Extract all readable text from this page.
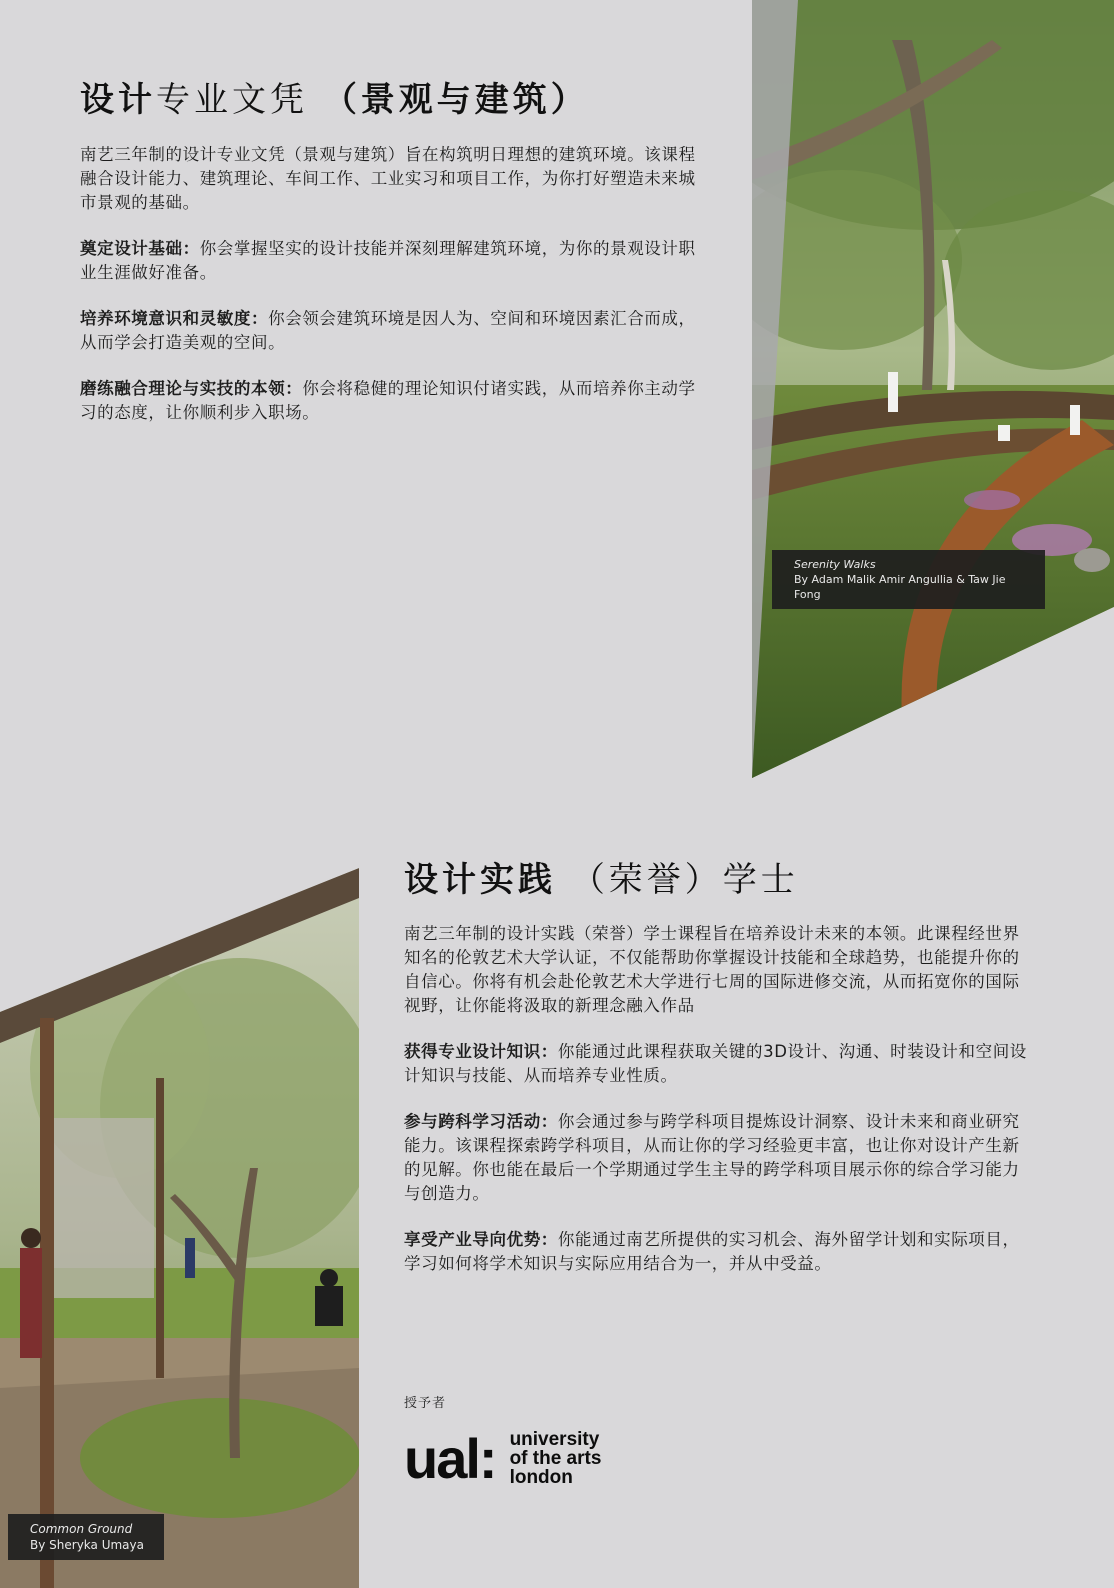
Serenity Walks
By Adam Malik Amir Angullia & Taw Jie Fong
设计专业文凭 （景观与建筑）

南艺三年制的设计专业文凭（景观与建筑）旨在构筑明日理想的建筑环境。该课程融合设计能力、建筑理论、车间工作、工业实习和项目工作，为你打好塑造未来城市景观的基础。

奠定设计基础：你会掌握坚实的设计技能并深刻理解建筑环境，为你的景观设计职业生涯做好准备。

培养环境意识和灵敏度：你会领会建筑环境是因人为、空间和环境因素汇合而成，从而学会打造美观的空间。

磨练融合理论与实技的本领：你会将稳健的理论知识付诸实践，从而培养你主动学习的态度，让你顺利步入职场。

Common Ground
By Sheryka Umaya
设计实践 （荣誉）学士

南艺三年制的设计实践（荣誉）学士课程旨在培养设计未来的本领。此课程经世界知名的伦敦艺术大学认证，不仅能帮助你掌握设计技能和全球趋势，也能提升你的自信心。你将有机会赴伦敦艺术大学进行七周的国际进修交流，从而拓宽你的国际视野，让你能将汲取的新理念融入作品

获得专业设计知识：你能通过此课程获取关键的3D设计、沟通、时装设计和空间设计知识与技能、从而培养专业性质。

参与跨科学习活动：你会通过参与跨学科项目提炼设计洞察、设计未来和商业研究能力。该课程探索跨学科项目，从而让你的学习经验更丰富，也让你对设计产生新的见解。你也能在最后一个学期通过学生主导的跨学科项目展示你的综合学习能力与创造力。

享受产业导向优势：你能通过南艺所提供的实习机会、海外留学计划和实际项目，学习如何将学术知识与实际应用结合为一，并从中受益。

授予者
ual: university
of the arts
london
